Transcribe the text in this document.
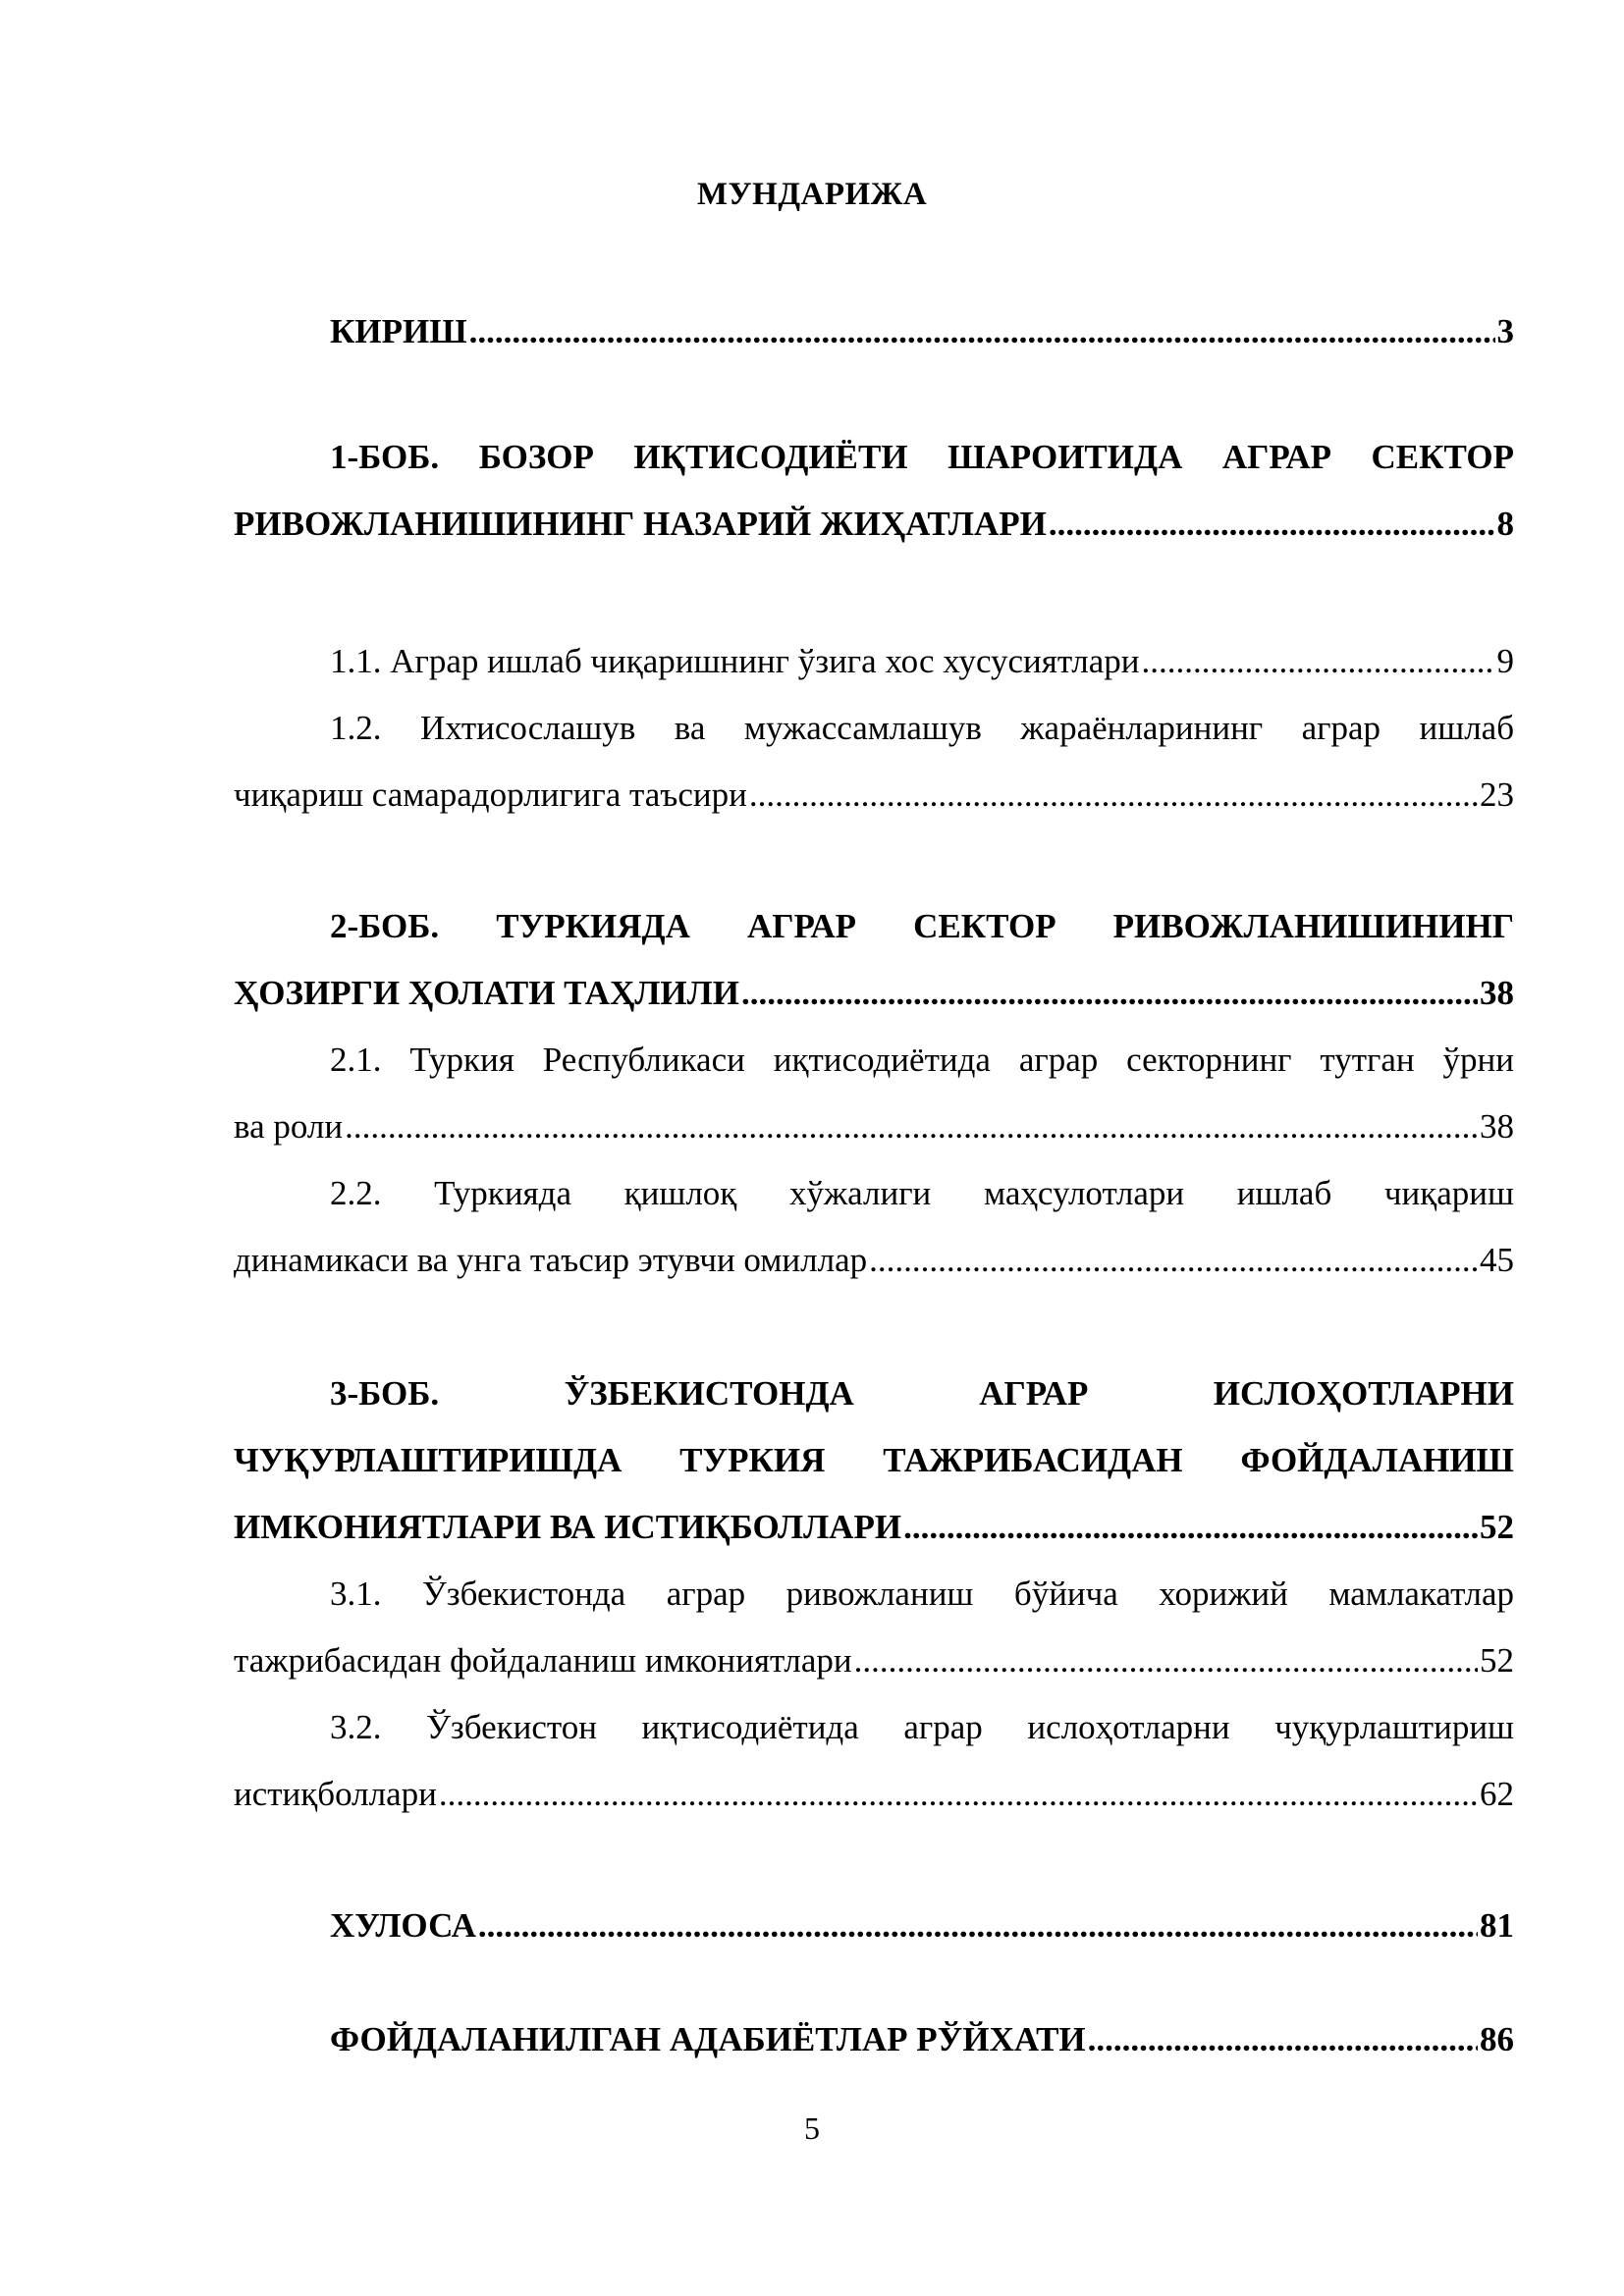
МУНДАРИЖА
КИРИШ .....	3
1-БОБ. БОЗОР ИҚТИСОДИЁТИ ШАРОИТИДА АГРАР СЕКТОР
РИВОЖЛАНИШИНИНГ НАЗАРИЙ ЖИҲАТЛАРИ .....	8
1.1. Аграр ишлаб чиқаришнинг ўзига хос хусусиятлари .....	9
1.2. Ихтисослашув ва мужассамлашув жараёнларининг аграр ишлаб
чиқариш самарадорлигига таъсири .....	23
2-БОБ. ТУРКИЯДА АГРАР СЕКТОР РИВОЖЛАНИШИНИНГ
ҲОЗИРГИ ҲОЛАТИ ТАҲЛИЛИ .....	38
2.1. Туркия Республикаси иқтисодиётида аграр секторнинг тутган ўрни
ва роли .....	38
2.2. Туркияда қишлоқ хўжалиги маҳсулотлари ишлаб чиқариш
динамикаси ва унга таъсир этувчи омиллар .....	45
3-БОБ. ЎЗБЕКИСТОНДА АГРАР ИСЛОҲОТЛАРНИ
ЧУҚУРЛАШТИРИШДА ТУРКИЯ ТАЖРИБАСИДАН ФОЙДАЛАНИШ
ИМКОНИЯТЛАРИ ВА ИСТИҚБОЛЛАРИ .....	52
3.1. Ўзбекистонда аграр ривожланиш бўйича хорижий мамлакатлар
тажрибасидан фойдаланиш имкониятлари .....	52
3.2. Ўзбекистон иқтисодиётида аграр ислоҳотларни чуқурлаштириш
истиқболлари .....	62
ХУЛОСА .....	81
ФОЙДАЛАНИЛГАН АДАБИЁТЛАР РЎЙХАТИ .....	86
5
